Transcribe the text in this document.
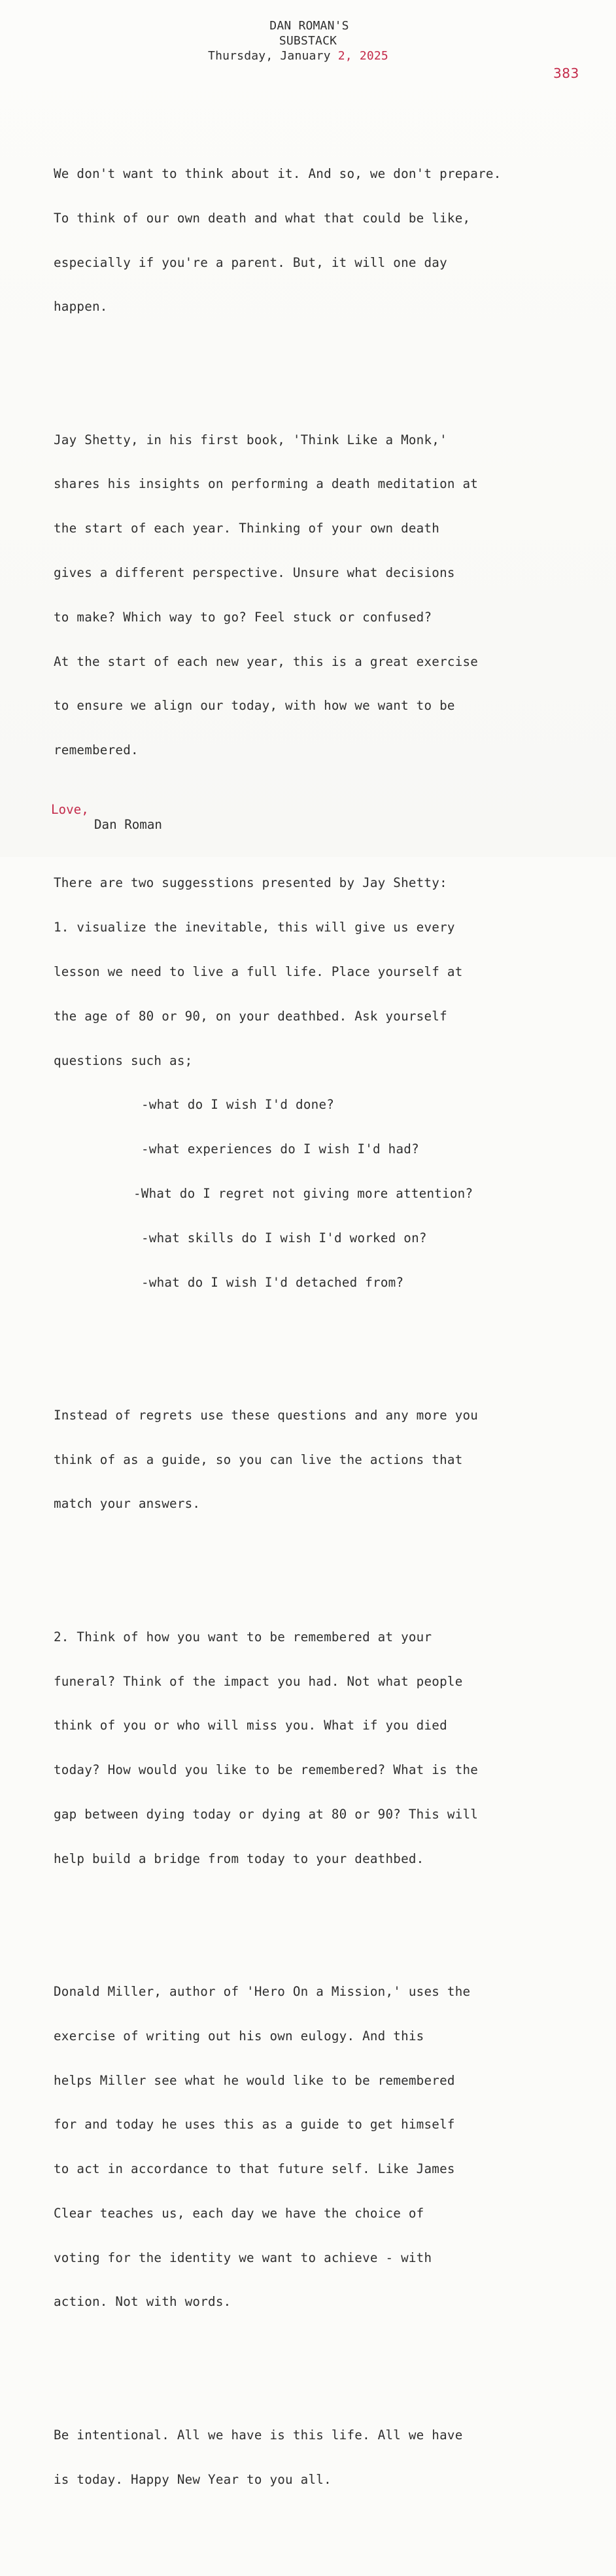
DAN ROMAN'S
SUBSTACK
Thursday, January 2, 2025
383

We don't want to think about it. And so, we don't prepare.

To think of our own death and what that could be like,

especially if you're a parent. But, it will one day

happen.

Jay Shetty, in his first book, 'Think Like a Monk,'

shares his insights on performing a death meditation at

the start of each year. Thinking of your own death

gives a different perspective. Unsure what decisions

to make? Which way to go? Feel stuck or confused?

At the start of each new year, this is a great exercise

to ensure we align our today, with how we want to be

remembered.

There are two suggesstions presented by Jay Shetty:

1. visualize the inevitable, this will give us every

lesson we need to live a full life. Place yourself at

the age of 80 or 90, on your deathbed. Ask yourself

questions such as;

-what do I wish I'd done?

-what experiences do I wish I'd had?

-What do I regret not giving more attention?

-what skills do I wish I'd worked on?

-what do I wish I'd detached from?

Instead of regrets use these questions and any more you

think of as a guide, so you can live the actions that

match your answers.

2. Think of how you want to be remembered at your

funeral? Think of the impact you had. Not what people

think of you or who will miss you. What if you died

today? How would you like to be remembered? What is the

gap between dying today or dying at 80 or 90? This will

help build a bridge from today to your deathbed.

Donald Miller, author of 'Hero On a Mission,' uses the

exercise of writing out his own eulogy. And this

helps Miller see what he would like to be remembered

for and today he uses this as a guide to get himself

to act in accordance to that future self. Like James

Clear teaches us, each day we have the choice of

voting for the identity we want to achieve - with

action. Not with words.

Be intentional. All we have is this life. All we have

is today. Happy New Year to you all.

Love,
Dan Roman
